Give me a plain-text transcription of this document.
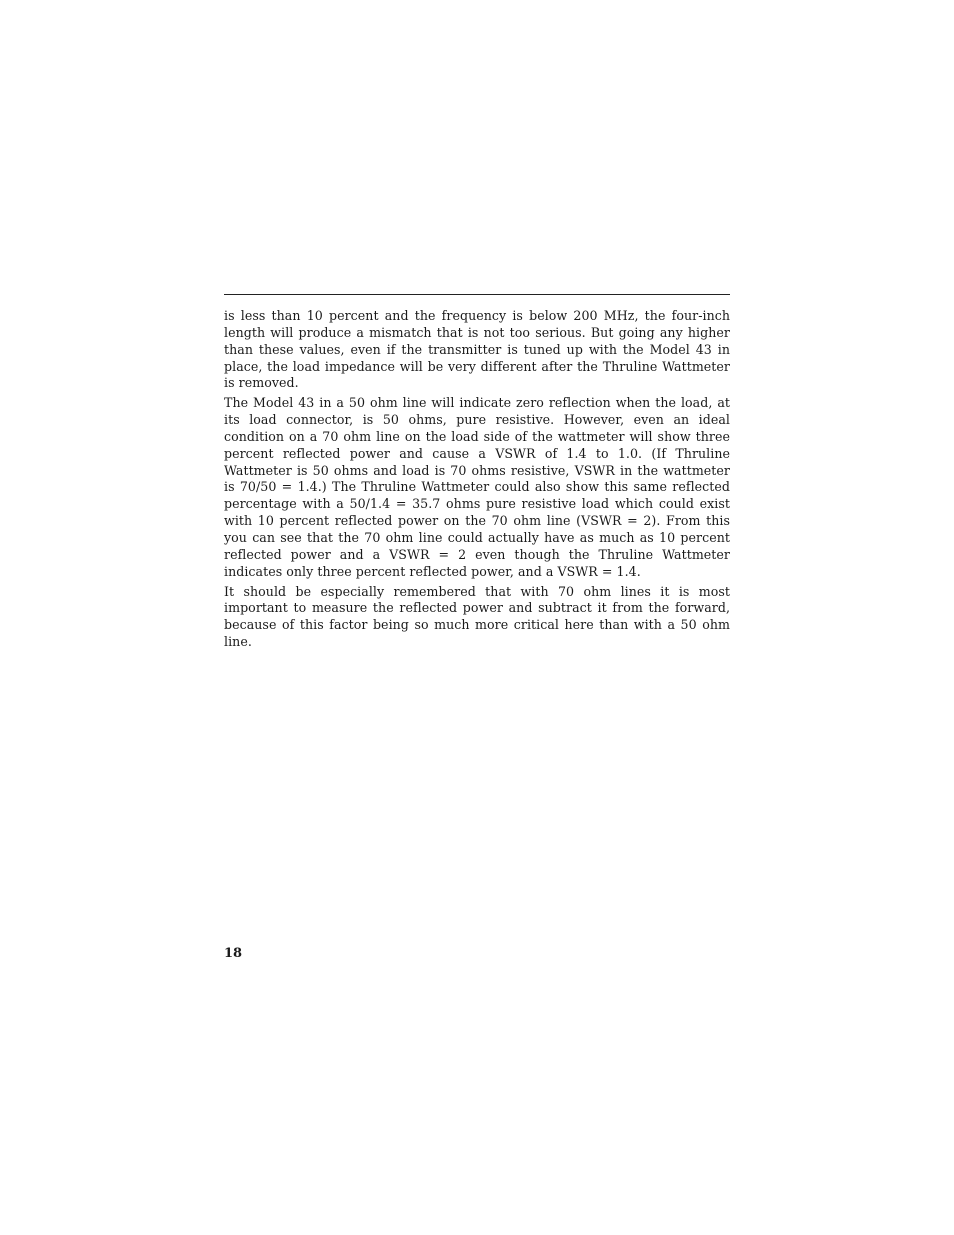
is less than 10 percent and the frequency is below 200 MHz, the four-inch length will produce a mismatch that is not too serious. But going any higher than these values, even if the transmitter is tuned up with the Model 43 in place, the load impedance will be very different after the Thruline Wattmeter is removed.

The Model 43 in a 50 ohm line will indicate zero reflection when the load, at its load connector, is 50 ohms, pure resistive. However, even an ideal condition on a 70 ohm line on the load side of the wattmeter will show three percent reflected power and cause a VSWR of 1.4 to 1.0. (If Thruline Wattmeter is 50 ohms and load is 70 ohms resistive, VSWR in the wattmeter is 70/50 = 1.4.) The Thruline Wattmeter could also show this same reflected percentage with a 50/1.4 = 35.7 ohms pure resistive load which could exist with 10 percent reflected power on the 70 ohm line (VSWR = 2). From this you can see that the 70 ohm line could actually have as much as 10 percent reflected power and a VSWR = 2 even though the Thruline Wattmeter indicates only three percent reflected power, and a VSWR = 1.4.

It should be especially remembered that with 70 ohm lines it is most important to measure the reflected power and subtract it from the forward, because of this factor being so much more critical here than with a 50 ohm line.

18
